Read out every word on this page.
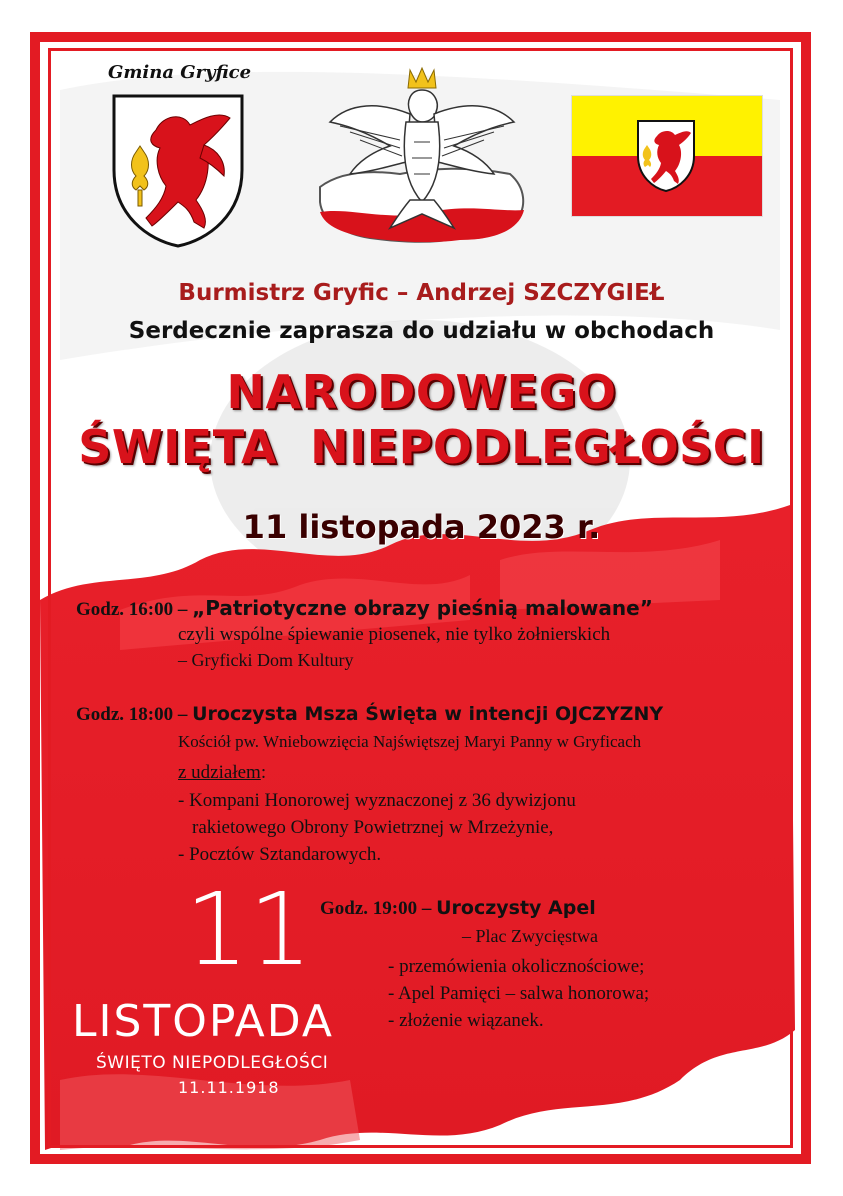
Gmina Gryfice
Burmistrz Gryfic – Andrzej SZCZYGIEŁ
Serdecznie zaprasza do udziału w obchodach
NARODOWEGO
ŚWIĘTA  NIEPODLEGŁOŚCI
11 listopada 2023 r.
Godz. 16:00 – „Patriotyczne obrazy pieśnią malowane”
czyli wspólne śpiewanie piosenek, nie tylko żołnierskich
– Gryficki Dom Kultury
Godz. 18:00 – Uroczysta Msza Święta w intencji OJCZYZNY
Kościół pw. Wniebowzięcia Najświętszej Maryi Panny w Gryficach
z udziałem:
- Kompani Honorowej wyznaczonej z 36 dywizjonu
rakietowego Obrony Powietrznej w Mrzeżynie,
- Pocztów Sztandarowych.
Godz. 19:00 – Uroczysty Apel
– Plac Zwycięstwa
- przemówienia okolicznościowe;
- Apel Pamięci – salwa honorowa;
- złożenie wiązanek.
11
LISTOPADA
ŚWIĘTO NIEPODLEGŁOŚCI
11.11.1918
